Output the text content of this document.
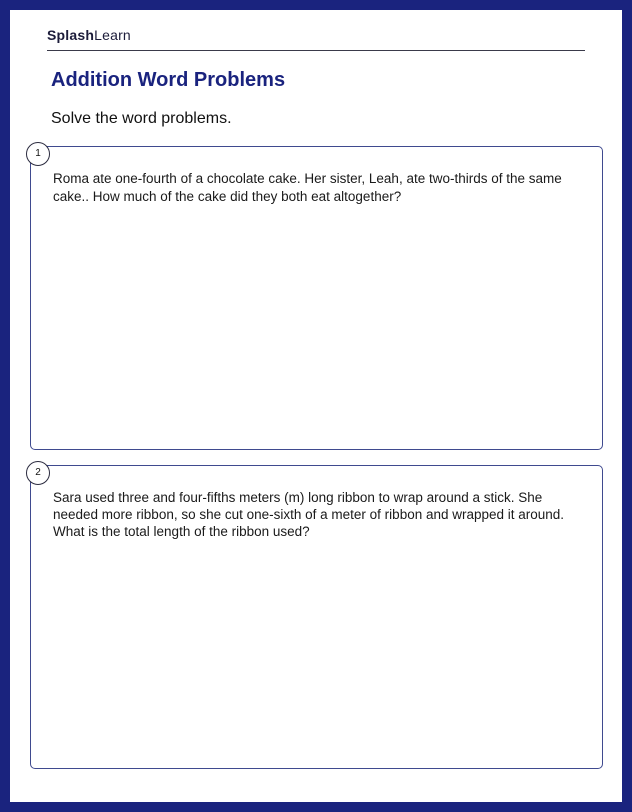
SplashLearn
Addition Word Problems
Solve the word problems.
1
Roma ate one-fourth of a chocolate cake. Her sister, Leah, ate two-thirds of the same cake.. How much of the cake did they both eat altogether?
2
Sara used three and four-fifths meters (m) long ribbon to wrap around a stick. She needed more ribbon, so she cut one-sixth of a meter of ribbon and wrapped it around. What is the total length of the ribbon used?
